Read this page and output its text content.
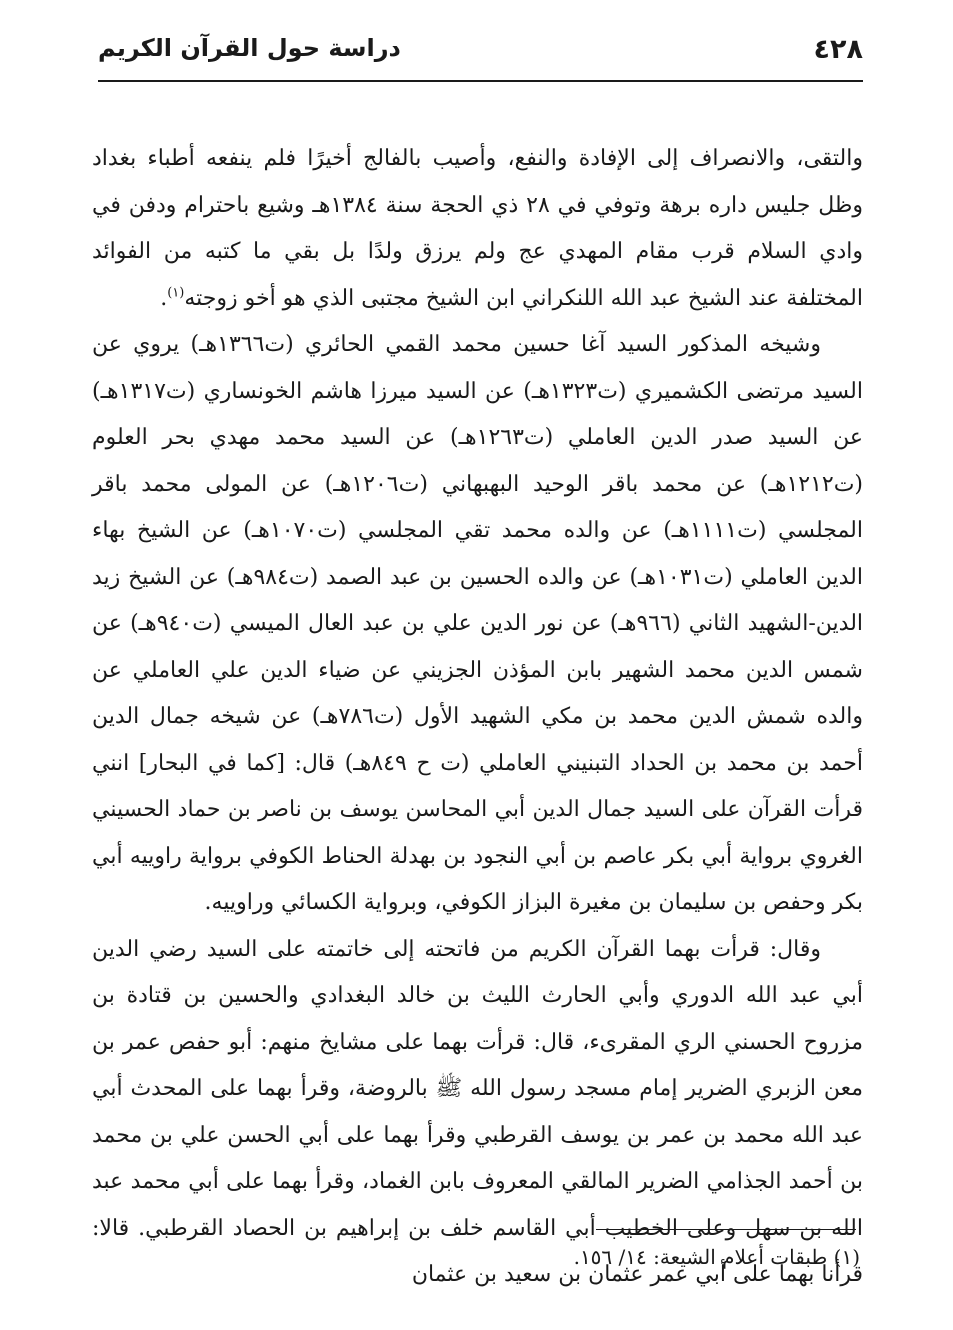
٤٢٨
دراسة حول القرآن الكريم

والتقى، والانصراف إلى الإفادة والنفع، وأصيب بالفالج أخيرًا فلم ينفعه أطباء بغداد وظل جليس داره برهة وتوفي في ٢٨ ذي الحجة سنة ١٣٨٤هـ وشيع باحترام ودفن في وادي السلام قرب مقام المهدي عج ولم يرزق ولدًا بل بقي ما كتبه من الفوائد المختلفة عند الشيخ عبد الله اللنكراني ابن الشيخ مجتبى الذي هو أخو زوجته$^{(١)}$.

وشيخه المذكور السيد آغا حسين محمد القمي الحائري (ت١٣٦٦هـ) يروي عن السيد مرتضى الكشميري (ت١٣٢٣هـ) عن السيد ميرزا هاشم الخونساري (ت١٣١٧هـ) عن السيد صدر الدين العاملي (ت١٢٦٣هـ) عن السيد محمد مهدي بحر العلوم (ت١٢١٢هـ) عن محمد باقر الوحيد البهبهاني (ت١٢٠٦هـ) عن المولى محمد باقر المجلسي (ت١١١١هـ) عن والده محمد تقي المجلسي (ت١٠٧٠هـ) عن الشيخ بهاء الدين العاملي (ت١٠٣١هـ) عن والده الحسين بن عبد الصمد (ت٩٨٤هـ) عن الشيخ زيد الدين-الشهيد الثاني (٩٦٦هـ) عن نور الدين علي بن عبد العال الميسي (ت٩٤٠هـ) عن شمس الدين محمد الشهير بابن المؤذن الجزيني عن ضياء الدين علي العاملي عن والده شمش الدين محمد بن مكي الشهيد الأول (ت٧٨٦هـ) عن شيخه جمال الدين أحمد بن محمد بن الحداد التبنيني العاملي (ت ح ٨٤٩هـ) قال: [كما في البحار] انني قرأت القرآن على السيد جمال الدين أبي المحاسن يوسف بن ناصر بن حماد الحسيني الغروي برواية أبي بكر عاصم بن أبي النجود بن بهدلة الحناط الكوفي برواية راوييه أبي بكر وحفص بن سليمان بن مغيرة البزاز الكوفي، وبرواية الكسائي وراوييه.

وقال: قرأت بهما القرآن الكريم من فاتحته إلى خاتمته على السيد رضي الدين أبي عبد الله الدوري وأبي الحارث الليث بن خالد البغدادي والحسين بن قتادة بن مزروح الحسني الري المقرىء، قال: قرأت بهما على مشايخ منهم: أبو حفص عمر بن معن الزبري الضرير إمام مسجد رسول الله ﷺ بالروضة، وقرأ بهما على المحدث أبي عبد الله محمد بن عمر بن يوسف القرطبي وقرأ بهما على أبي الحسن علي بن محمد بن أحمد الجذامي الضرير المالقي المعروف بابن الغماد، وقرأ بهما على أبي محمد عبد الله بن سهل وعلى الخطيب أبي القاسم خلف بن إبراهيم بن الحصاد القرطبي. قالا: قرأنا بهما على أبي عمر عثمان بن سعيد بن عثمان

(١) طبقات أعلام الشيعة: ١٤/ ١٥٦.
